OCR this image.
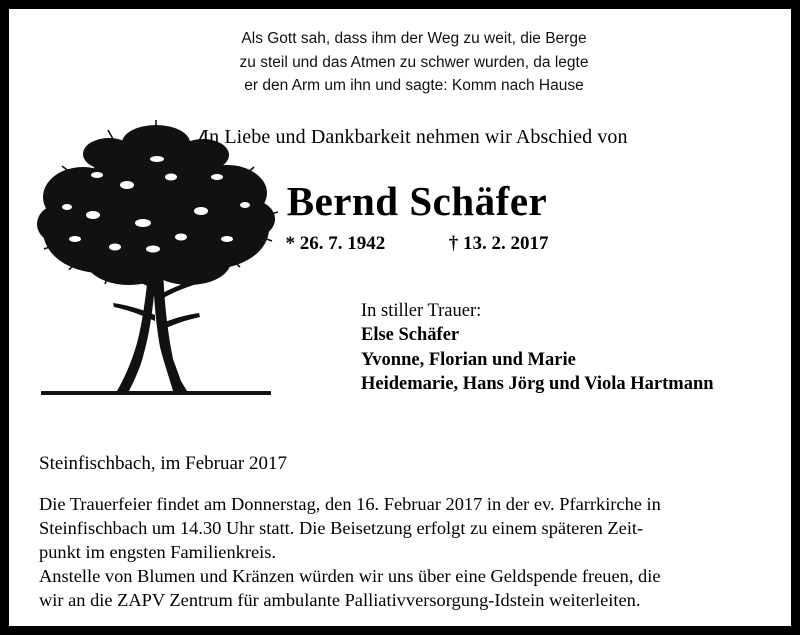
Als Gott sah, dass ihm der Weg zu weit, die Berge
zu steil und das Atmen zu schwer wurden, da legte
er den Arm um ihn und sagte: Komm nach Hause
In Liebe und Dankbarkeit nehmen wir Abschied von
Bernd Schäfer
* 26. 7. 1942	† 13. 2. 2017
In stiller Trauer:
Else Schäfer
Yvonne, Florian und Marie
Heidemarie, Hans Jörg und Viola Hartmann
Steinfischbach, im Februar 2017

Die Trauerfeier findet am Donnerstag, den 16. Februar 2017 in der ev. Pfarrkirche in

Steinfischbach um 14.30 Uhr statt. Die Beisetzung erfolgt zu einem späteren Zeit-

punkt im engsten Familienkreis.

Anstelle von Blumen und Kränzen würden wir uns über eine Geldspende freuen, die

wir an die ZAPV Zentrum für ambulante Palliativversorgung-Idstein weiterleiten.
